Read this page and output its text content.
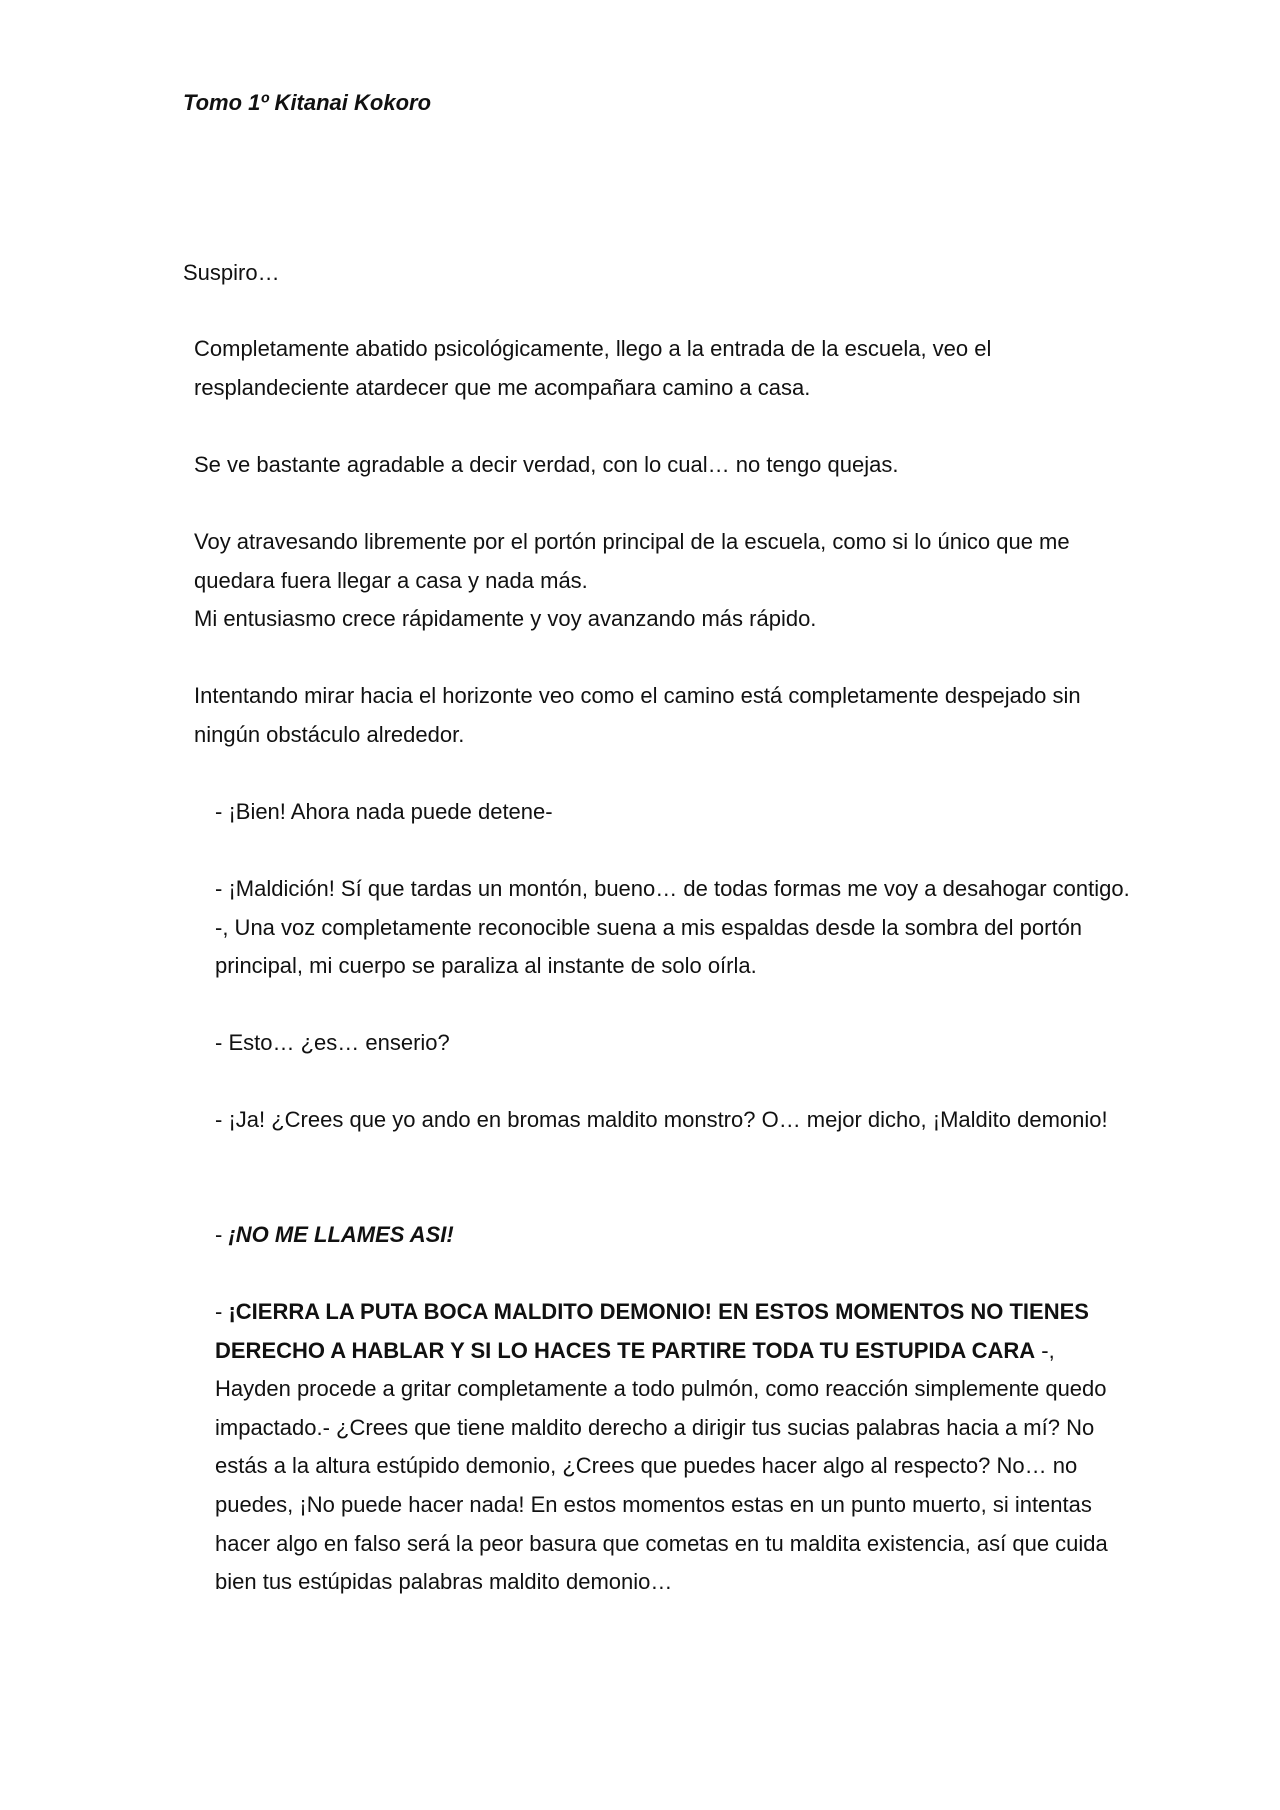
Tomo 1º Kitanai Kokoro

Suspiro…

Completamente abatido psicológicamente, llego a la entrada de la escuela, veo el resplandeciente atardecer que me acompañara camino a casa.

Se ve bastante agradable a decir verdad, con lo cual… no tengo quejas.

Voy atravesando libremente por el portón principal de la escuela, como si lo único que me quedara fuera llegar a casa y nada más.

Mi entusiasmo crece rápidamente y voy avanzando más rápido.

Intentando mirar hacia el horizonte veo como el camino está completamente despejado sin ningún obstáculo alrededor.

- ¡Bien! Ahora nada puede detene-

- ¡Maldición! Sí que tardas un montón, bueno… de todas formas me voy a desahogar contigo. -, Una voz completamente reconocible suena a mis espaldas desde la sombra del portón principal, mi cuerpo se paraliza al instante de solo oírla.

- Esto… ¿es… enserio?

- ¡Ja! ¿Crees que yo ando en bromas maldito monstro? O… mejor dicho, ¡Maldito demonio!

- ¡NO ME LLAMES ASI!

- ¡CIERRA LA PUTA BOCA MALDITO DEMONIO! EN ESTOS MOMENTOS NO TIENES DERECHO A HABLAR Y SI LO HACES TE PARTIRE TODA TU ESTUPIDA CARA -, Hayden procede a gritar completamente a todo pulmón, como reacción simplemente quedo impactado.- ¿Crees que tiene maldito derecho a dirigir tus sucias palabras hacia a mí? No estás a la altura estúpido demonio, ¿Crees que puedes hacer algo al respecto? No… no puedes, ¡No puede hacer nada! En estos momentos estas en un punto muerto, si intentas hacer algo en falso será la peor basura que cometas en tu maldita existencia, así que cuida bien tus estúpidas palabras maldito demonio…
